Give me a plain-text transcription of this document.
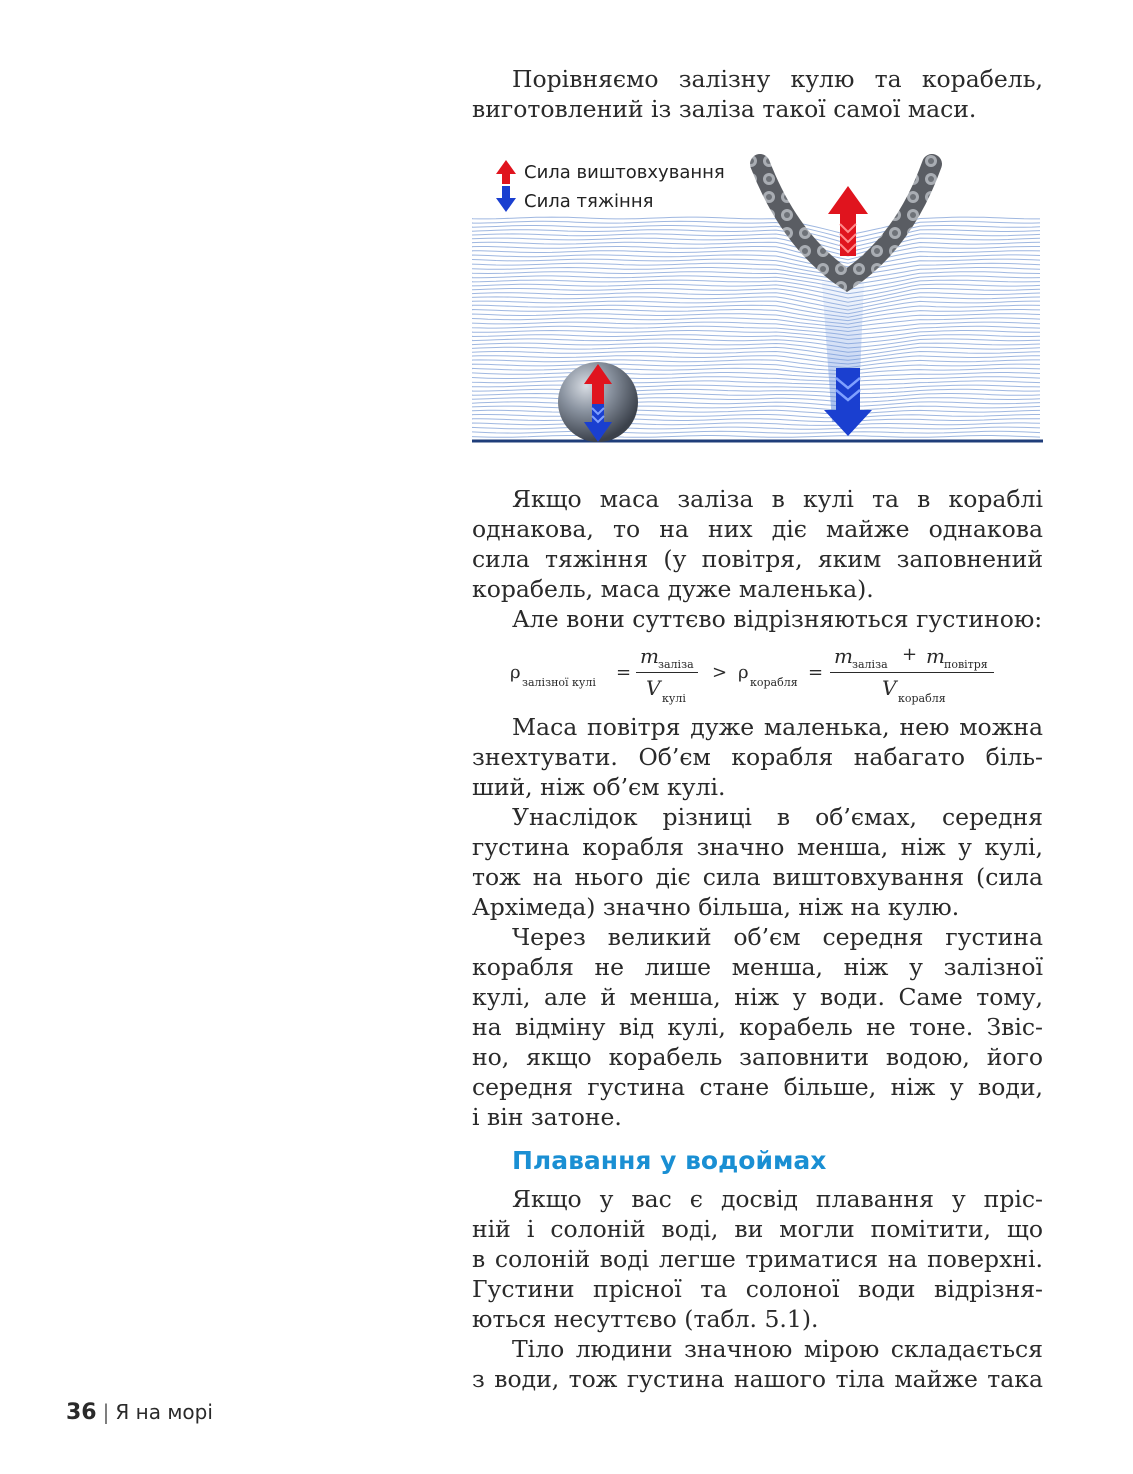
Порівняємо залізну кулю та корабель,
виготовлений із заліза такої самої маси.
Сила виштовхування
Сила тяжіння
Якщо маса заліза в кулі та в кораблі
однакова, то на них діє майже однакова
сила тяжіння (у повітря, яким заповнений
корабель, маса дуже маленька).
Але вони суттєво відрізняються густиною:
ρ залізної кулі =
m заліза
V кулі
> ρ корабля =
m заліза + m повітря
V корабля
Маса повітря дуже маленька, нею можна
знехтувати. Об’єм корабля набагато біль-
ший, ніж об’єм кулі.
Унаслідок різниці в об’ємах, середня
густина корабля значно менша, ніж у кулі,
тож на нього діє сила виштовхування (сила
Архімеда) значно більша, ніж на кулю.
Через великий об’єм середня густина
корабля не лише менша, ніж у залізної
кулі, але й менша, ніж у води. Саме тому,
на відміну від кулі, корабель не тоне. Звіс-
но, якщо корабель заповнити водою, його
середня густина стане більше, ніж у води,
і він затоне.
Плавання у водоймах
Якщо у вас є досвід плавання у пріс-
ній і солоній воді, ви могли помітити, що
в солоній воді легше триматися на поверхні.
Густини прісної та солоної води відрізня-
ються несуттєво (табл. 5.1).
Тіло людини значною мірою складається
з води, тож густина нашого тіла майже така
36 | Я на морі
